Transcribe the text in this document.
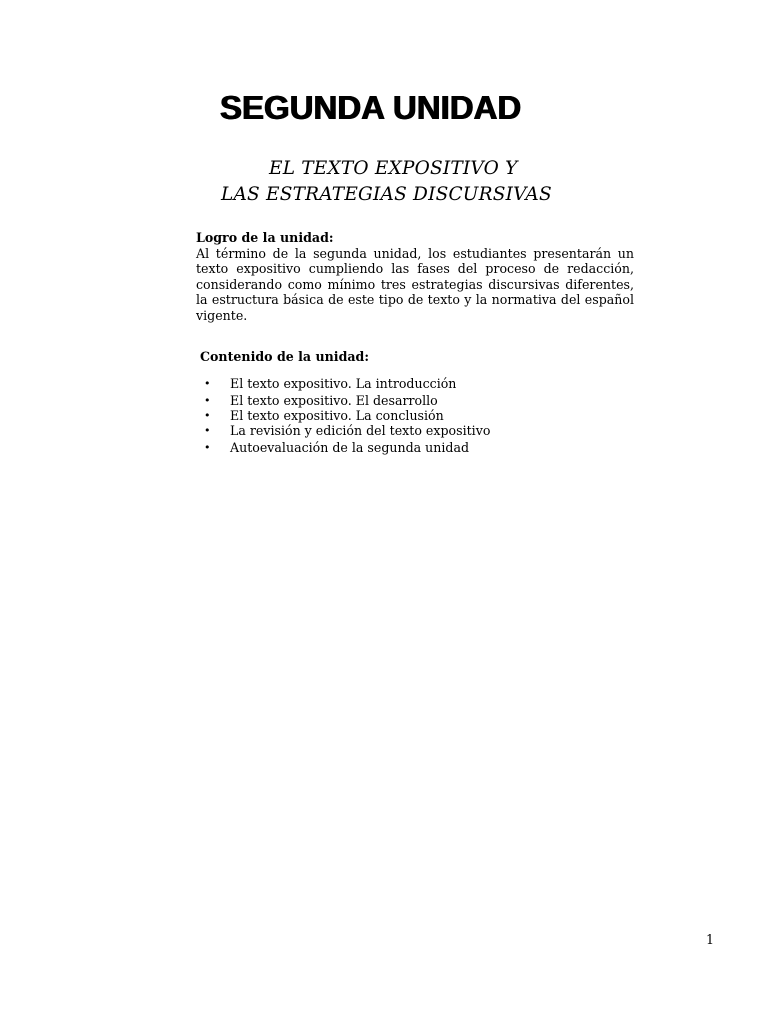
SEGUNDA UNIDAD
EL TEXTO EXPOSITIVO Y
LAS ESTRATEGIAS DISCURSIVAS

Logro de la unidad:

Al término de la segunda unidad, los estudiantes presentarán un texto expositivo cumpliendo las fases del proceso de redacción, considerando como mínimo tres estrategias discursivas diferentes, la estructura básica de este tipo de texto y la normativa del español vigente.

Contenido de la unidad:

• El texto expositivo. La introducción
• El texto expositivo. El desarrollo
• El texto expositivo. La conclusión
• La revisión y edición del texto expositivo
• Autoevaluación de la segunda unidad
1
